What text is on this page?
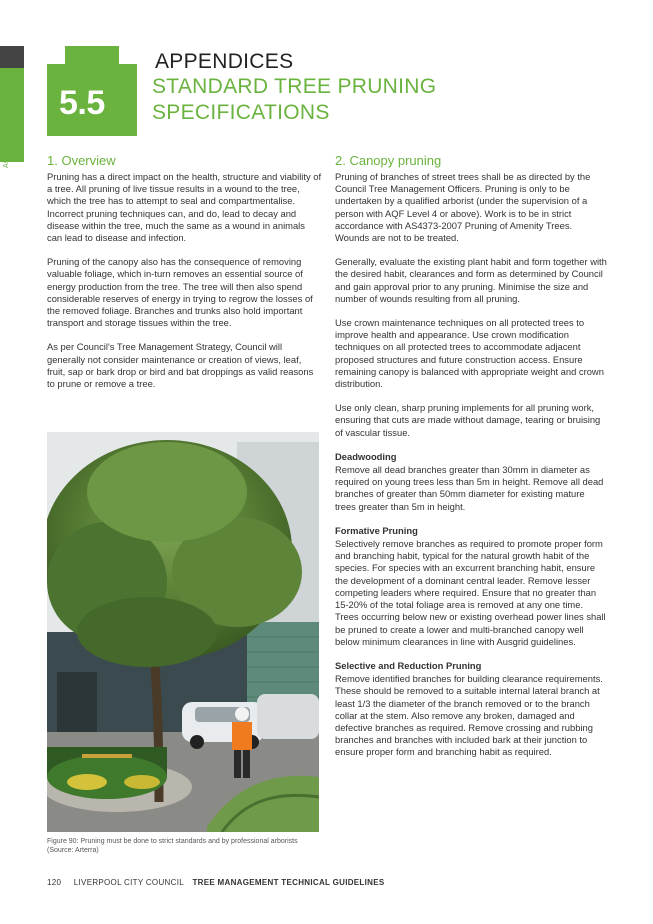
APPENDICES
5.5
APPENDICES
STANDARD TREE PRUNING SPECIFICATIONS
1. Overview

Pruning has a direct impact on the health, structure and viability of a tree. All pruning of live tissue results in a wound to the tree, which the tree has to attempt to seal and compartmentalise. Incorrect pruning techniques can, and do, lead to decay and disease within the tree, much the same as a wound in animals can lead to disease and infection.

Pruning of the canopy also has the consequence of removing valuable foliage, which in-turn removes an essential source of energy production from the tree. The tree will then also spend considerable reserves of energy in trying to regrow the losses of the removed foliage. Branches and trunks also hold important transport and storage tissues within the tree.

As per Council's Tree Management Strategy, Council will generally not consider maintenance or creation of views, leaf, fruit, sap or bark drop or bird and bat droppings as valid reasons to prune or remove a tree.

Figure 90: Pruning must be done to strict standards and by professional arborists (Source: Arterra)
2. Canopy pruning

Pruning of branches of street trees shall be as directed by the Council Tree Management Officers. Pruning is only to be undertaken by a qualified arborist (under the supervision of a person with AQF Level 4 or above). Work is to be in strict accordance with AS4373-2007 Pruning of Amenity Trees. Wounds are not to be treated.

Generally, evaluate the existing plant habit and form together with the desired habit, clearances and form as determined by Council and gain approval prior to any pruning. Minimise the size and number of wounds resulting from all pruning.

Use crown maintenance techniques on all protected trees to improve health and appearance. Use crown modification techniques on all protected trees to accommodate adjacent proposed structures and future construction access. Ensure remaining canopy is balanced with appropriate weight and crown distribution.

Use only clean, sharp pruning implements for all pruning work, ensuring that cuts are made without damage, tearing or bruising of vascular tissue.

Deadwooding

Remove all dead branches greater than 30mm in diameter as required on young trees less than 5m in height. Remove all dead branches of greater than 50mm diameter for existing mature trees greater than 5m in height.

Formative Pruning

Selectively remove branches as required to promote proper form and branching habit, typical for the natural growth habit of the species. For species with an excurrent branching habit, ensure the development of a dominant central leader. Remove lesser competing leaders where required. Ensure that no greater than 15-20% of the total foliage area is removed at any one time. Trees occurring below new or existing overhead power lines shall be pruned to create a lower and multi-branched canopy well below minimum clearances in line with Ausgrid guidelines.

Selective and Reduction Pruning

Remove identified branches for building clearance requirements. These should be removed to a suitable internal lateral branch at least 1/3 the diameter of the branch removed or to the branch collar at the stem. Also remove any broken, damaged and defective branches as required. Remove crossing and rubbing branches and branches with included bark at their junction to ensure proper form and branching habit as required.

120 LIVERPOOL CITY COUNCIL TREE MANAGEMENT TECHNICAL GUIDELINES
